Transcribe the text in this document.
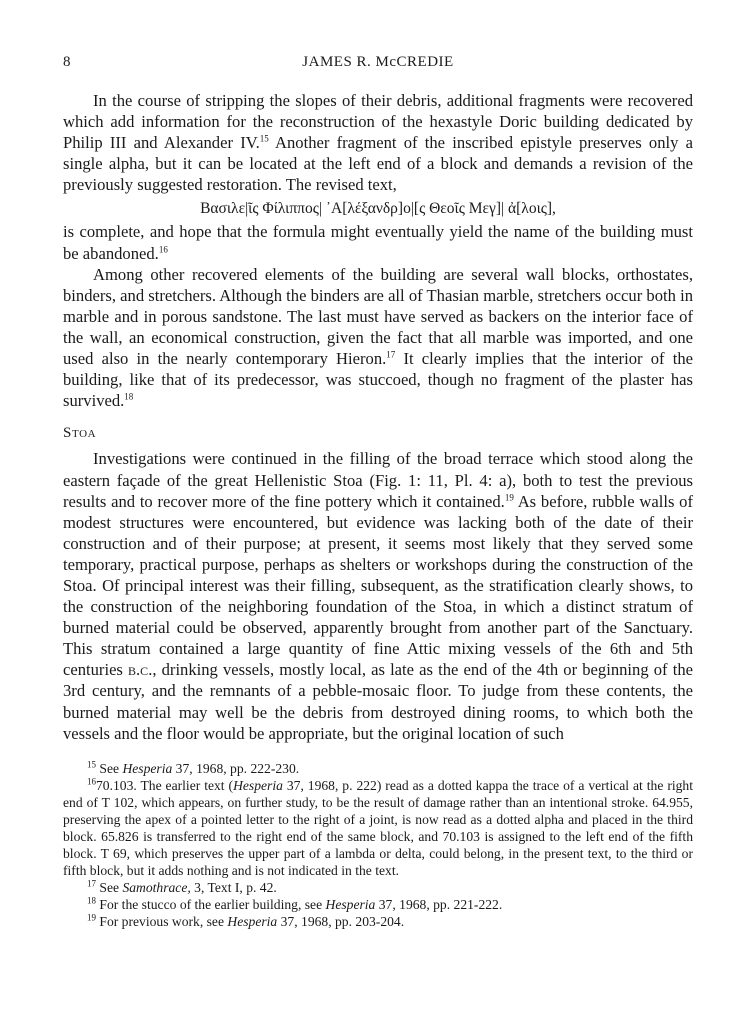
8	JAMES R. McCREDIE

In the course of stripping the slopes of their debris, additional fragments were recovered which add information for the reconstruction of the hexastyle Doric building dedicated by Philip III and Alexander IV.$^{15}$ Another fragment of the inscribed epistyle preserves only a single alpha, but it can be located at the left end of a block and demands a revision of the previously suggested restoration. The revised text,

Βασιλε|ῖς Φίλιππος| ᾽Α[λέξανδρ]ο|[ς Θεοῖς Μεγ]| ἀ[λοις],

is complete, and hope that the formula might eventually yield the name of the building must be abandoned.$^{16}$

Among other recovered elements of the building are several wall blocks, orthostates, binders, and stretchers. Although the binders are all of Thasian marble, stretchers occur both in marble and in porous sandstone. The last must have served as backers on the interior face of the wall, an economical construction, given the fact that all marble was imported, and one used also in the nearly contemporary Hieron.$^{17}$ It clearly implies that the interior of the building, like that of its predecessor, was stuccoed, though no fragment of the plaster has survived.$^{18}$

Stoa

Investigations were continued in the filling of the broad terrace which stood along the eastern façade of the great Hellenistic Stoa (Fig. 1: 11, Pl. 4: a), both to test the previous results and to recover more of the fine pottery which it contained.$^{19}$ As before, rubble walls of modest structures were encountered, but evidence was lacking both of the date of their construction and of their purpose; at present, it seems most likely that they served some temporary, practical purpose, perhaps as shelters or workshops during the construction of the Stoa. Of principal interest was their filling, subsequent, as the stratification clearly shows, to the construction of the neighboring foundation of the Stoa, in which a distinct stratum of burned material could be observed, apparently brought from another part of the Sanctuary. This stratum contained a large quantity of fine Attic mixing vessels of the 6th and 5th centuries b.c., drinking vessels, mostly local, as late as the end of the 4th or beginning of the 3rd century, and the remnants of a pebble-mosaic floor. To judge from these contents, the burned material may well be the debris from destroyed dining rooms, to which both the vessels and the floor would be appropriate, but the original location of such

$^{15}$ See Hesperia 37, 1968, pp. 222-230.

$^{16}$70.103. The earlier text (Hesperia 37, 1968, p. 222) read as a dotted kappa the trace of a vertical at the right end of T 102, which appears, on further study, to be the result of damage rather than an intentional stroke. 64.955, preserving the apex of a pointed letter to the right of a joint, is now read as a dotted alpha and placed in the third block. 65.826 is transferred to the right end of the same block, and 70.103 is assigned to the left end of the fifth block. T 69, which preserves the upper part of a lambda or delta, could belong, in the present text, to the third or fifth block, but it adds nothing and is not indicated in the text.

$^{17}$ See Samothrace, 3, Text I, p. 42.

$^{18}$ For the stucco of the earlier building, see Hesperia 37, 1968, pp. 221-222.

$^{19}$ For previous work, see Hesperia 37, 1968, pp. 203-204.
